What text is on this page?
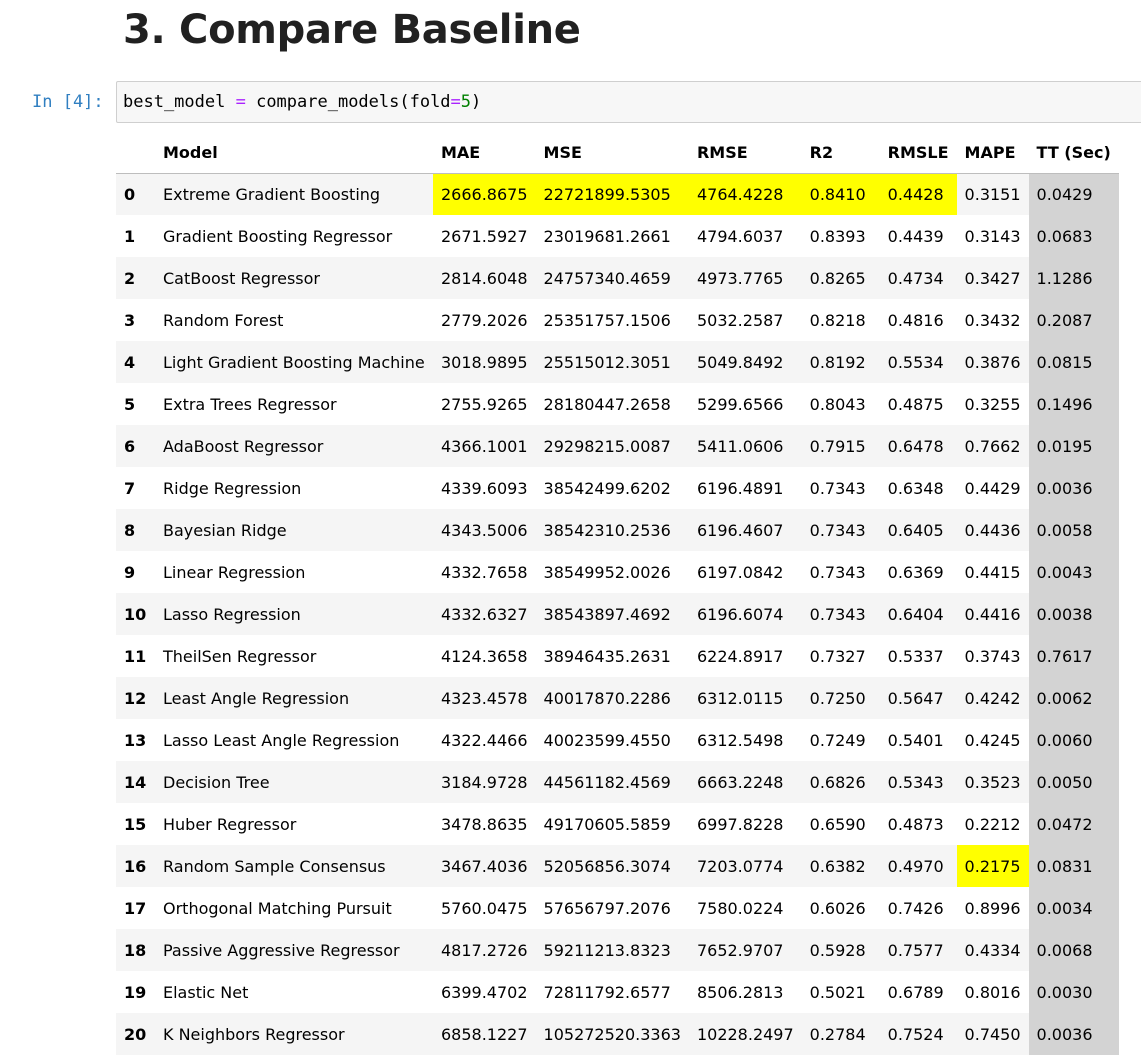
3. Compare Baseline
In [4]: best_model = compare_models(fold=5)
	Model	MAE	MSE	RMSE	R2	RMSLE	MAPE	TT (Sec)
0	Extreme Gradient Boosting	2666.8675	22721899.5305	4764.4228	0.8410	0.4428	0.3151	0.0429
1	Gradient Boosting Regressor	2671.5927	23019681.2661	4794.6037	0.8393	0.4439	0.3143	0.0683
2	CatBoost Regressor	2814.6048	24757340.4659	4973.7765	0.8265	0.4734	0.3427	1.1286
3	Random Forest	2779.2026	25351757.1506	5032.2587	0.8218	0.4816	0.3432	0.2087
4	Light Gradient Boosting Machine	3018.9895	25515012.3051	5049.8492	0.8192	0.5534	0.3876	0.0815
5	Extra Trees Regressor	2755.9265	28180447.2658	5299.6566	0.8043	0.4875	0.3255	0.1496
6	AdaBoost Regressor	4366.1001	29298215.0087	5411.0606	0.7915	0.6478	0.7662	0.0195
7	Ridge Regression	4339.6093	38542499.6202	6196.4891	0.7343	0.6348	0.4429	0.0036
8	Bayesian Ridge	4343.5006	38542310.2536	6196.4607	0.7343	0.6405	0.4436	0.0058
9	Linear Regression	4332.7658	38549952.0026	6197.0842	0.7343	0.6369	0.4415	0.0043
10	Lasso Regression	4332.6327	38543897.4692	6196.6074	0.7343	0.6404	0.4416	0.0038
11	TheilSen Regressor	4124.3658	38946435.2631	6224.8917	0.7327	0.5337	0.3743	0.7617
12	Least Angle Regression	4323.4578	40017870.2286	6312.0115	0.7250	0.5647	0.4242	0.0062
13	Lasso Least Angle Regression	4322.4466	40023599.4550	6312.5498	0.7249	0.5401	0.4245	0.0060
14	Decision Tree	3184.9728	44561182.4569	6663.2248	0.6826	0.5343	0.3523	0.0050
15	Huber Regressor	3478.8635	49170605.5859	6997.8228	0.6590	0.4873	0.2212	0.0472
16	Random Sample Consensus	3467.4036	52056856.3074	7203.0774	0.6382	0.4970	0.2175	0.0831
17	Orthogonal Matching Pursuit	5760.0475	57656797.2076	7580.0224	0.6026	0.7426	0.8996	0.0034
18	Passive Aggressive Regressor	4817.2726	59211213.8323	7652.9707	0.5928	0.7577	0.4334	0.0068
19	Elastic Net	6399.4702	72811792.6577	8506.2813	0.5021	0.6789	0.8016	0.0030
20	K Neighbors Regressor	6858.1227	105272520.3363	10228.2497	0.2784	0.7524	0.7450	0.0036
